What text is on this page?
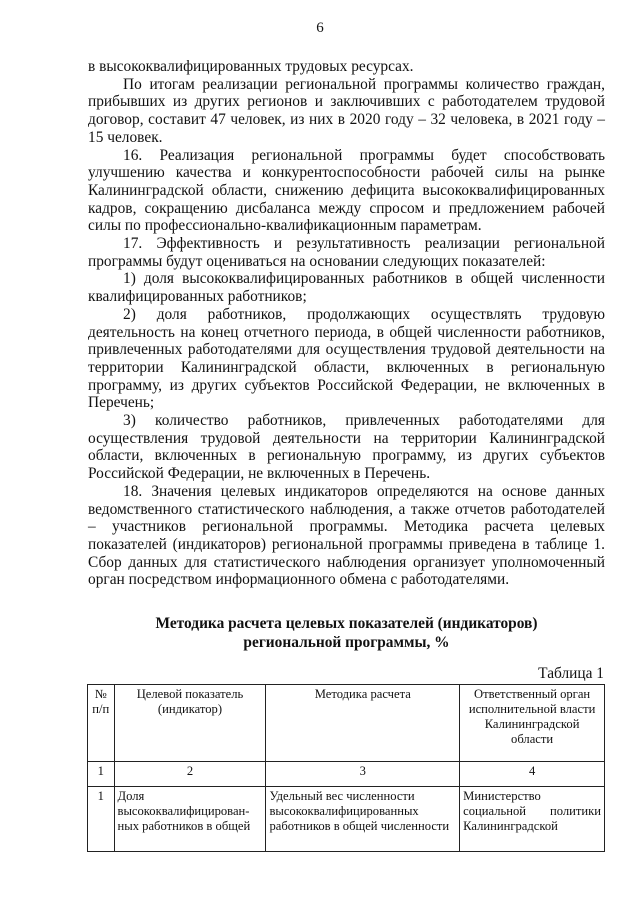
6

в высококвалифицированных трудовых ресурсах.

По итогам реализации региональной программы количество граждан, прибывших из других регионов и заключивших с работодателем трудовой договор, составит 47 человек, из них в 2020 году – 32 человека, в 2021 году – 15 человек.

16. Реализация региональной программы будет способствовать улучшению качества и конкурентоспособности рабочей силы на рынке Калининградской области, снижению дефицита высококвалифицированных кадров, сокращению дисбаланса между спросом и предложением рабочей силы по профессионально-квалификационным параметрам.

17. Эффективность и результативность реализации региональной программы будут оцениваться на основании следующих показателей:

1) доля высококвалифицированных работников в общей численности квалифицированных работников;

2) доля работников, продолжающих осуществлять трудовую деятельность на конец отчетного периода, в общей численности работников, привлеченных работодателями для осуществления трудовой деятельности на территории Калининградской области, включенных в региональную программу, из других субъектов Российской Федерации, не включенных в Перечень;

3) количество работников, привлеченных работодателями для осуществления трудовой деятельности на территории Калининградской области, включенных в региональную программу, из других субъектов Российской Федерации, не включенных в Перечень.

18. Значения целевых индикаторов определяются на основе данных ведомственного статистического наблюдения, а также отчетов работодателей – участников региональной программы. Методика расчета целевых показателей (индикаторов) региональной программы приведена в таблице 1. Сбор данных для статистического наблюдения организует уполномоченный орган посредством информационного обмена с работодателями.

Методика расчета целевых показателей (индикаторов)
региональной программы, %
Таблица 1
№ п/п	Целевой показатель (индикатор)	Методика расчета	Ответственный орган исполнительной власти Калининградской области
1	2	3	4
1	Доля высококвалифицирован-ных работников в общей	Удельный вес численности высококвалифицированных работников в общей численности	Министерство социальной политики Калининградской
